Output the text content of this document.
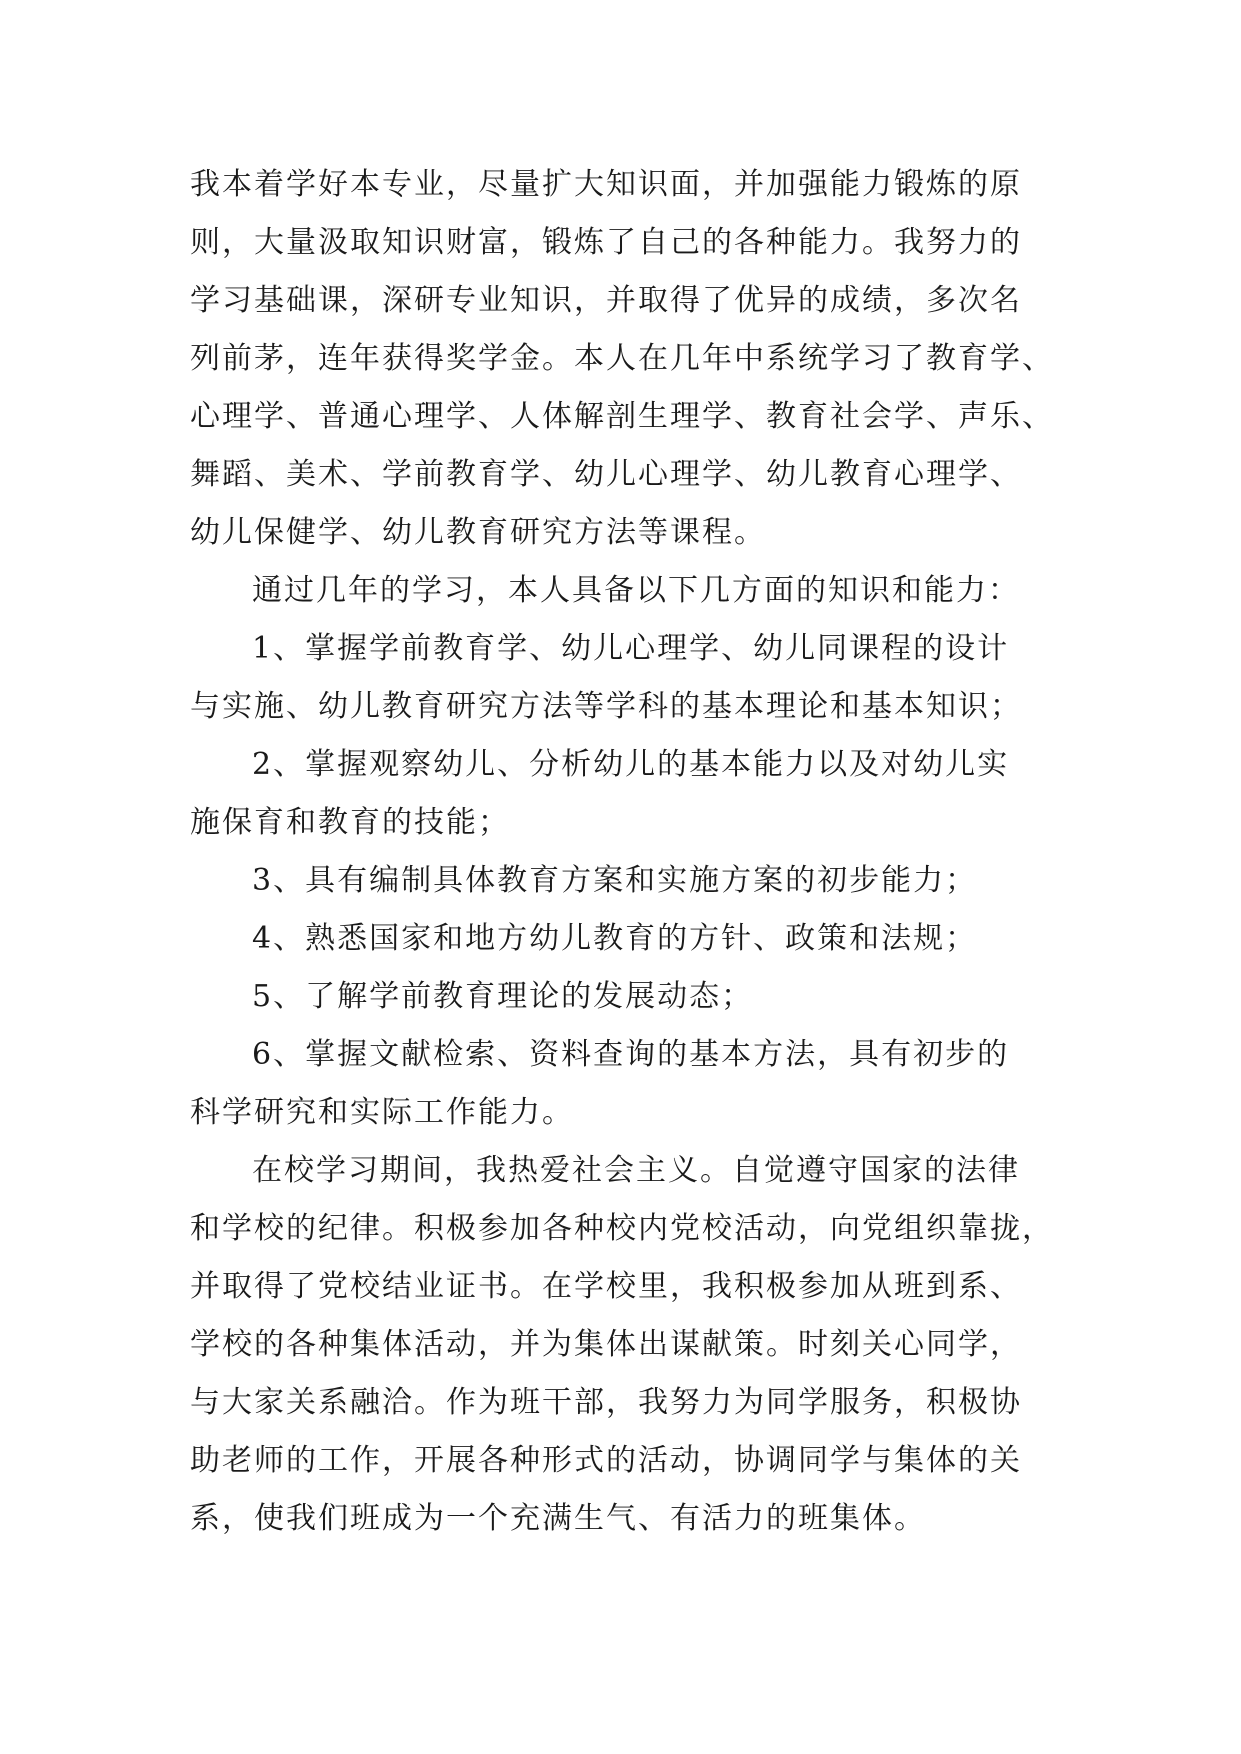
我本着学好本专业，尽量扩大知识面，并加强能力锻炼的原
则，大量汲取知识财富，锻炼了自己的各种能力。我努力的
学习基础课，深研专业知识，并取得了优异的成绩，多次名
列前茅，连年获得奖学金。本人在几年中系统学习了教育学、
心理学、普通心理学、人体解剖生理学、教育社会学、声乐、
舞蹈、美术、学前教育学、幼儿心理学、幼儿教育心理学、
幼儿保健学、幼儿教育研究方法等课程。
通过几年的学习，本人具备以下几方面的知识和能力：
1、掌握学前教育学、幼儿心理学、幼儿同课程的设计
与实施、幼儿教育研究方法等学科的基本理论和基本知识；
2、掌握观察幼儿、分析幼儿的基本能力以及对幼儿实
施保育和教育的技能；
3、具有编制具体教育方案和实施方案的初步能力；
4、熟悉国家和地方幼儿教育的方针、政策和法规；
5、了解学前教育理论的发展动态；
6、掌握文献检索、资料查询的基本方法，具有初步的
科学研究和实际工作能力。
在校学习期间，我热爱社会主义。自觉遵守国家的法律
和学校的纪律。积极参加各种校内党校活动，向党组织靠拢，
并取得了党校结业证书。在学校里，我积极参加从班到系、
学校的各种集体活动，并为集体出谋献策。时刻关心同学，
与大家关系融洽。作为班干部，我努力为同学服务，积极协
助老师的工作，开展各种形式的活动，协调同学与集体的关
系，使我们班成为一个充满生气、有活力的班集体。
